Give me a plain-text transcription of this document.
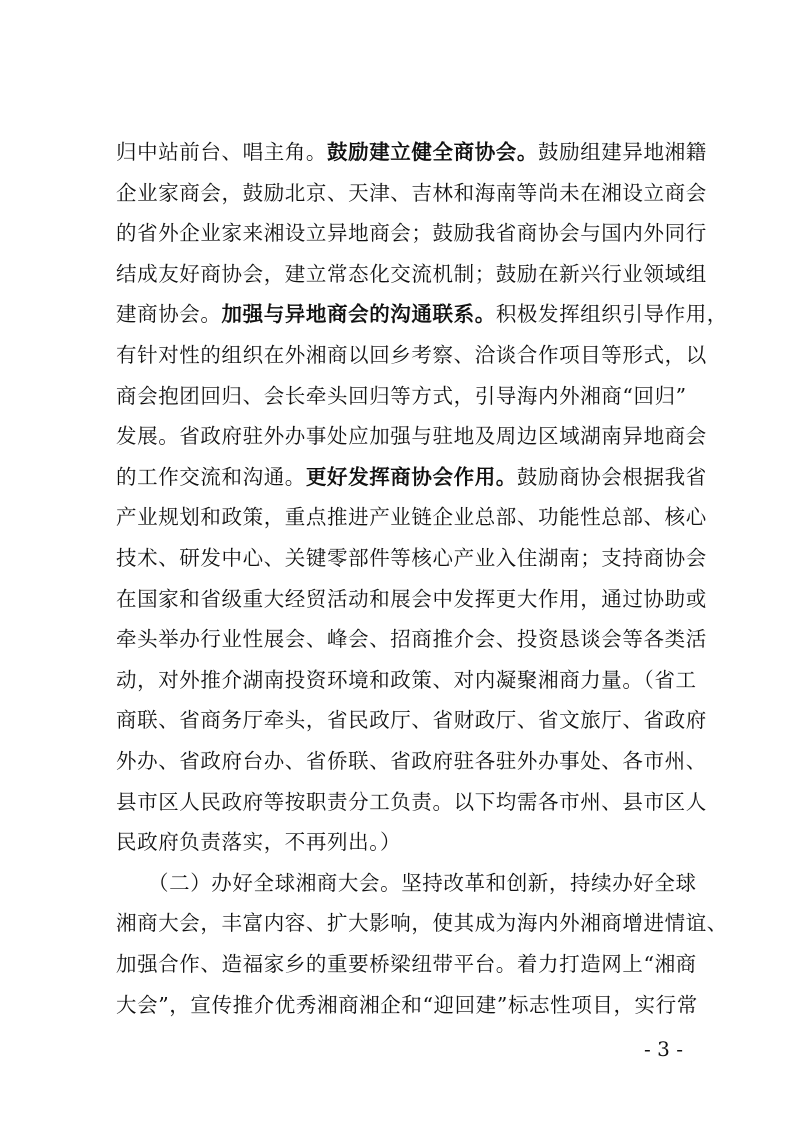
归中站前台、唱主角。鼓励建立健全商协会。鼓励组建异地湘籍
企业家商会，鼓励北京、天津、吉林和海南等尚未在湘设立商会
的省外企业家来湘设立异地商会；鼓励我省商协会与国内外同行
结成友好商协会，建立常态化交流机制；鼓励在新兴行业领域组
建商协会。加强与异地商会的沟通联系。积极发挥组织引导作用，
有针对性的组织在外湘商以回乡考察、洽谈合作项目等形式，以
商会抱团回归、会长牵头回归等方式，引导海内外湘商“回归”
发展。省政府驻外办事处应加强与驻地及周边区域湖南异地商会
的工作交流和沟通。更好发挥商协会作用。鼓励商协会根据我省
产业规划和政策，重点推进产业链企业总部、功能性总部、核心
技术、研发中心、关键零部件等核心产业入住湖南；支持商协会
在国家和省级重大经贸活动和展会中发挥更大作用，通过协助或
牵头举办行业性展会、峰会、招商推介会、投资恳谈会等各类活
动，对外推介湖南投资环境和政策、对内凝聚湘商力量。（省工
商联、省商务厅牵头，省民政厅、省财政厅、省文旅厅、省政府
外办、省政府台办、省侨联、省政府驻各驻外办事处、各市州、
县市区人民政府等按职责分工负责。以下均需各市州、县市区人
民政府负责落实，不再列出。）
（二）办好全球湘商大会。坚持改革和创新，持续办好全球
湘商大会，丰富内容、扩大影响，使其成为海内外湘商增进情谊、
加强合作、造福家乡的重要桥梁纽带平台。着力打造网上“湘商
大会”，宣传推介优秀湘商湘企和“迎回建”标志性项目，实行常
- 3 -
